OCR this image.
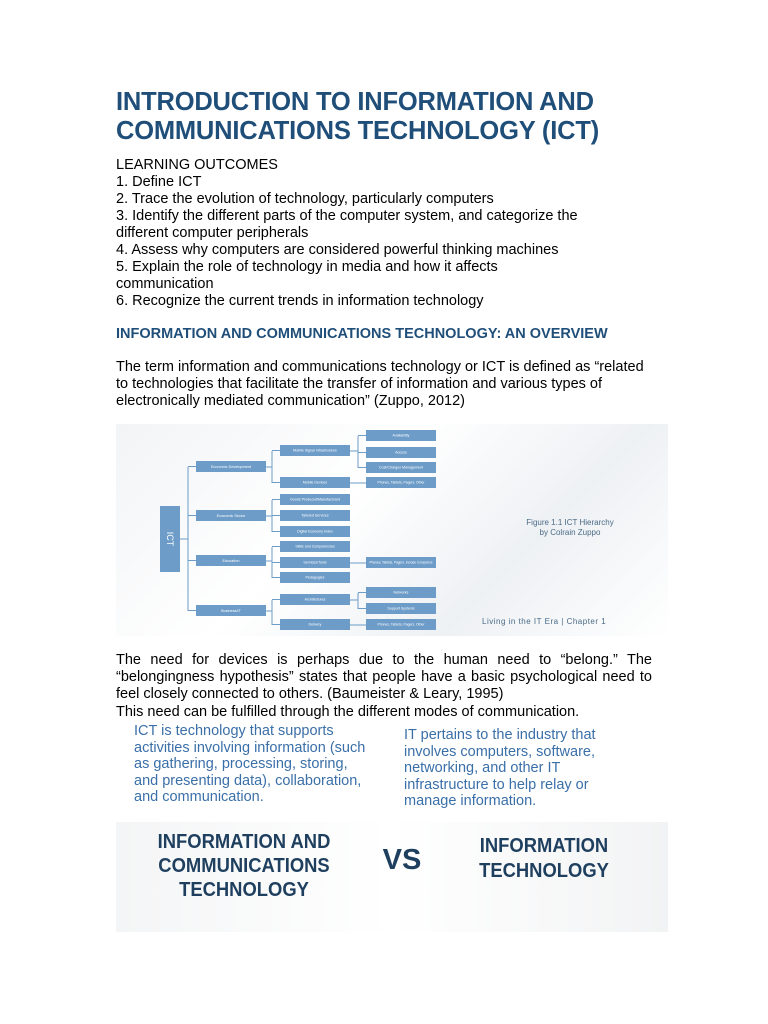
INTRODUCTION TO INFORMATION AND COMMUNICATIONS TECHNOLOGY (ICT)
LEARNING OUTCOMES
1. Define ICT
2. Trace the evolution of technology, particularly computers
3. Identify the different parts of the computer system, and categorize the different computer peripherals
4. Assess why computers are considered powerful thinking machines
5. Explain the role of technology in media and how it affects communication
6. Recognize the current trends in information technology
INFORMATION AND COMMUNICATIONS TECHNOLOGY: AN OVERVIEW

The term information and communications technology or ICT is defined as “related to technologies that facilitate the transfer of information and various types of electronically mediated communication” (Zuppo, 2012)

ICT
Economic Development
Economic Sector
Education
Business/IT
Mobile Signal Infrastructure
Mobile Devices
Goods Produced/Manufactured
Tailored Services
Digital Economy Index
Skills and Competencies
Services/Tools
Pedagogies
Architectures
Delivery
Availability
Access
Cost/Charges Management
Phones, Tablets, Pagers, Other
Phones, Tablets, Pagers, Include Computers
Networks
Support Systems
Phones, Tablets, Pagers, Other
Figure 1.1 ICT Hierarchy
by Colrain Zuppo
Living in the IT Era | Chapter 1

The need for devices is perhaps due to the human need to “belong.” The “belongingness hypothesis” states that people have a basic psychological need to feel closely connected to others. (Baumeister & Leary, 1995)

This need can be fulfilled through the different modes of communication.

ICT is technology that supports activities involving information (such as gathering, processing, storing, and presenting data), collaboration, and communication.
IT pertains to the industry that involves computers, software, networking, and other IT infrastructure to help relay or manage information.
INFORMATION AND COMMUNICATIONS TECHNOLOGY
VS	INFORMATION TECHNOLOGY
